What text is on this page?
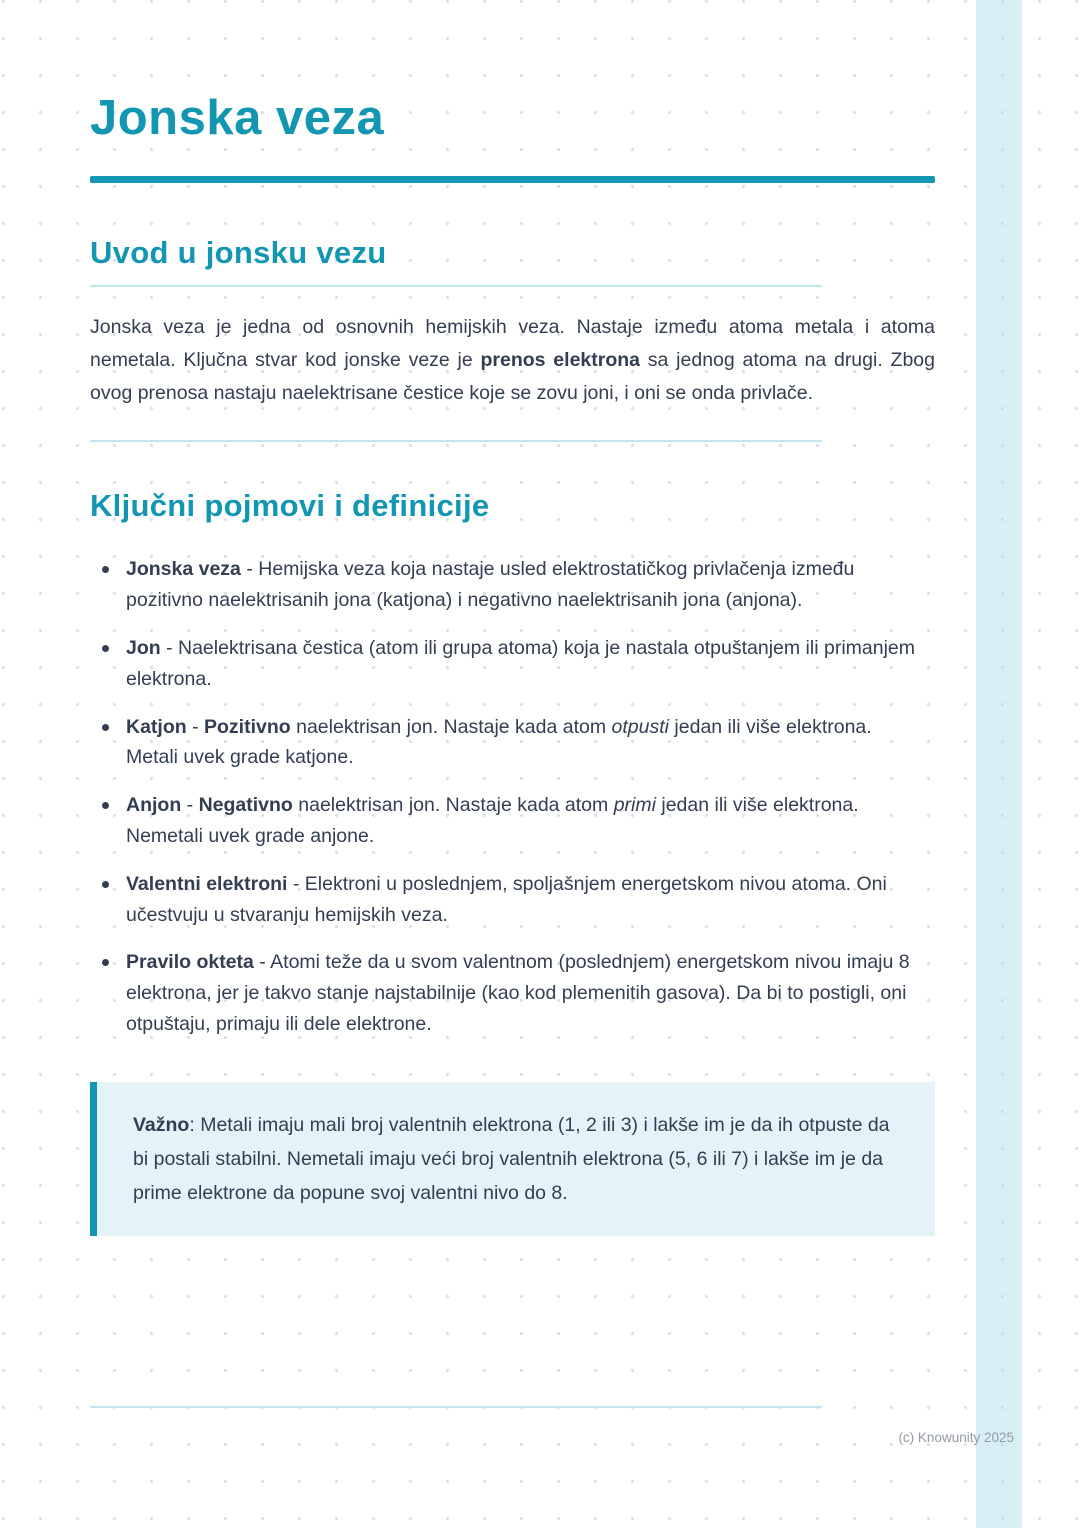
Jonska veza
Uvod u jonsku vezu

Jonska veza je jedna od osnovnih hemijskih veza. Nastaje između atoma metala i atoma nemetala. Ključna stvar kod jonske veze je prenos elektrona sa jednog atoma na drugi. Zbog ovog prenosa nastaju naelektrisane čestice koje se zovu joni, i oni se onda privlače.

Ključni pojmovi i definicije
Jonska veza - Hemijska veza koja nastaje usled elektrostatičkog privlačenja između pozitivno naelektrisanih jona (katjona) i negativno naelektrisanih jona (anjona).
Jon - Naelektrisana čestica (atom ili grupa atoma) koja je nastala otpuštanjem ili primanjem elektrona.
Katjon - Pozitivno naelektrisan jon. Nastaje kada atom otpusti jedan ili više elektrona. Metali uvek grade katjone.
Anjon - Negativno naelektrisan jon. Nastaje kada atom primi jedan ili više elektrona. Nemetali uvek grade anjone.
Valentni elektroni - Elektroni u poslednjem, spoljašnjem energetskom nivou atoma. Oni učestvuju u stvaranju hemijskih veza.
Pravilo okteta - Atomi teže da u svom valentnom (poslednjem) energetskom nivou imaju 8 elektrona, jer je takvo stanje najstabilnije (kao kod plemenitih gasova). Da bi to postigli, oni otpuštaju, primaju ili dele elektrone.

Važno: Metali imaju mali broj valentnih elektrona (1, 2 ili 3) i lakše im je da ih otpuste da bi postali stabilni. Nemetali imaju veći broj valentnih elektrona (5, 6 ili 7) i lakše im je da prime elektrone da popune svoj valentni nivo do 8.

(c) Knowunity 2025
